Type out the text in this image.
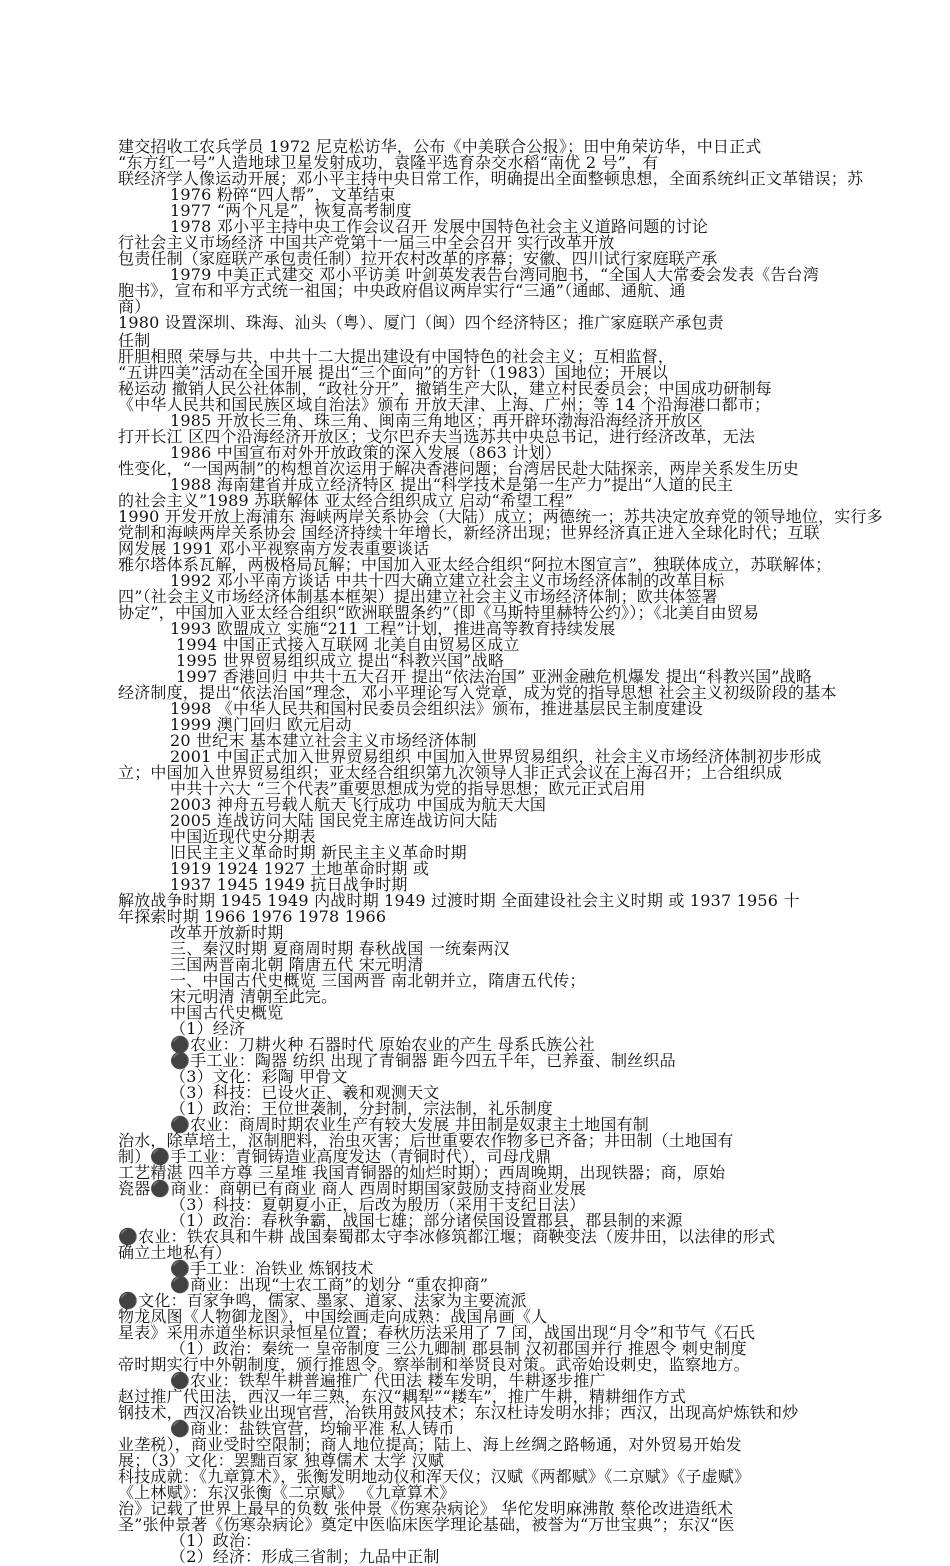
建交招收工农兵学员 1972 尼克松访华，公布《中美联合公报》；田中角荣访华，中日正式
“东方红一号”人造地球卫星发射成功，袁隆平选育杂交水稻“南优 2 号”，有
联经济学人像运动开展；邓小平主持中央日常工作，明确提出全面整顿思想，全面系统纠正文革错误；苏
1976 粉碎“四人帮”，文革结束
1977 “两个凡是”，恢复高考制度
1978 邓小平主持中央工作会议召开 发展中国特色社会主义道路问题的讨论
行社会主义市场经济 中国共产党第十一届三中全会召开 实行改革开放
包责任制（家庭联产承包责任制）拉开农村改革的序幕；安徽、四川试行家庭联产承
1979 中美正式建交 邓小平访美 叶剑英发表告台湾同胞书，“全国人大常委会发表《告台湾
胞书》，宣布和平方式统一祖国；中央政府倡议两岸实行“三通”（通邮、通航、通
商）
1980 设置深圳、珠海、汕头（粤）、厦门（闽）四个经济特区；推广家庭联产承包责
任制
肝胆相照 荣辱与共，中共十二大提出建设有中国特色的社会主义；互相监督，
“五讲四美”活动在全国开展 提出“三个面向”的方针（1983）国地位；开展以
秘运动 撤销人民公社体制，“政社分开”，撤销生产大队，建立村民委员会；中国成功研制每
《中华人民共和国民族区域自治法》颁布 开放天津、上海、广州；等 14 个沿海港口都市；
1985 开放长三角、珠三角、闽南三角地区；再开辟环渤海沿海经济开放区
打开长江 区四个沿海经济开放区；戈尔巴乔夫当选苏共中央总书记，进行经济改革，无法
1986 中国宣布对外开放政策的深入发展（863 计划）
性变化，“一国两制”的构想首次运用于解决香港问题；台湾居民赴大陆探亲，两岸关系发生历史
1988 海南建省并成立经济特区 提出“科学技术是第一生产力”提出“人道的民主
的社会主义”1989 苏联解体 亚太经合组织成立 启动“希望工程”
1990 开发开放上海浦东 海峡两岸关系协会（大陆）成立；两德统一；苏共决定放弃党的领导地位，实行多
党制和海峡两岸关系协会 国经济持续十年增长，新经济出现；世界经济真正进入全球化时代；互联
网发展 1991 邓小平视察南方发表重要谈话
雅尔塔体系瓦解，两极格局瓦解；中国加入亚太经合组织“阿拉木图宣言”，独联体成立，苏联解体；
1992 邓小平南方谈话 中共十四大确立建立社会主义市场经济体制的改革目标
四”（社会主义市场经济体制基本框架）提出建立社会主义市场经济体制；欧共体签署
协定”，中国加入亚太经合组织“欧洲联盟条约”（即《马斯特里赫特公约》）；《北美自由贸易
1993 欧盟成立 实施“211 工程”计划，推进高等教育持续发展
1994 中国正式接入互联网 北美自由贸易区成立
1995 世界贸易组织成立 提出“科教兴国”战略
1997 香港回归 中共十五大召开 提出“依法治国” 亚洲金融危机爆发 提出“科教兴国”战略
经济制度，提出“依法治国”理念，邓小平理论写入党章，成为党的指导思想 社会主义初级阶段的基本
1998 《中华人民共和国村民委员会组织法》颁布，推进基层民主制度建设
1999 澳门回归 欧元启动
20 世纪末 基本建立社会主义市场经济体制
2001 中国正式加入世界贸易组织 中国加入世界贸易组织，社会主义市场经济体制初步形成
立；中国加入世界贸易组织；亚太经合组织第九次领导人非正式会议在上海召开；上合组织成
中共十六大 “三个代表”重要思想成为党的指导思想；欧元正式启用
2003 神舟五号载人航天飞行成功 中国成为航天大国
2005 连战访问大陆 国民党主席连战访问大陆
中国近现代史分期表
旧民主主义革命时期 新民主主义革命时期
1919 1924 1927 土地革命时期 或
1937 1945 1949 抗日战争时期
解放战争时期 1945 1949 内战时期 1949 过渡时期 全面建设社会主义时期 或 1937 1956 十
年探索时期 1966 1976 1978 1966
改革开放新时期
三、秦汉时期 夏商周时期 春秋战国 一统秦两汉
三国两晋南北朝 隋唐五代 宋元明清
一、中国古代史概览 三国两晋 南北朝并立，隋唐五代传；
宋元明清 清朝至此完。
中国古代史概览
（1）经济
⚫农业：刀耕火种 石器时代 原始农业的产生 母系氏族公社
⚫手工业：陶器 纺织 出现了青铜器 距今四五千年，已养蚕、制丝织品
（3）文化：彩陶 甲骨文
（3）科技：已设火正、羲和观测天文
（1）政治：王位世袭制，分封制，宗法制，礼乐制度
⚫农业：商周时期农业生产有较大发展 井田制是奴隶主土地国有制
治水，除草培土，沤制肥料，治虫灭害；后世重要农作物多已齐备；井田制（土地国有
制）⚫手工业：青铜铸造业高度发达（青铜时代），司母戊鼎
工艺精湛 四羊方尊 三星堆 我国青铜器的灿烂时期）；西周晚期，出现铁器；商，原始
瓷器⚫商业：商朝已有商业 商人 西周时期国家鼓励支持商业发展
（3）科技：夏朝夏小正，后改为殷历（采用干支纪日法）
（1）政治：春秋争霸，战国七雄；部分诸侯国设置郡县，郡县制的来源
⚫农业：铁农具和牛耕 战国秦蜀郡太守李冰修筑都江堰；商鞅变法（废井田，以法律的形式
确立土地私有）
⚫手工业：冶铁业 炼钢技术
⚫商业：出现“士农工商”的划分 “重农抑商”
⚫文化：百家争鸣，儒家、墨家、道家、法家为主要流派
物龙凤图《人物御龙图》，中国绘画走向成熟：战国帛画《人
星表》采用赤道坐标识录恒星位置；春秋历法采用了 7 闰，战国出现“月令”和节气《石氏
（1）政治：秦统一 皇帝制度 三公九卿制 郡县制 汉初郡国并行 推恩令 刺史制度
帝时期实行中外朝制度，颁行推恩令。察举制和举贤良对策。武帝始设刺史，监察地方。
⚫农业：铁犁牛耕普遍推广 代田法 耧车发明，牛耕逐步推广
赵过推广代田法，西汉一年三熟，东汉“耦犁”“耧车”，推广牛耕，精耕细作方式
钢技术，西汉冶铁业出现官营，冶铁用鼓风技术；东汉杜诗发明水排；西汉，出现高炉炼铁和炒
⚫商业：盐铁官营，均输平准 私人铸币
业垄税），商业受时空限制；商人地位提高；陆上、海上丝绸之路畅通，对外贸易开始发
展；（3）文化：罢黜百家 独尊儒术 太学 汉赋
科技成就：《九章算术》，张衡发明地动仪和浑天仪；汉赋《两都赋》《二京赋》《子虚赋》
《上林赋》：东汉张衡《二京赋》 《九章算术》
治》记载了世界上最早的负数 张仲景《伤寒杂病论》 华佗发明麻沸散 蔡伦改进造纸术
圣”张仲景著《伤寒杂病论》奠定中医临床医学理论基础，被誉为“万世宝典”；东汉“医
（1）政治：
（2）经济：形成三省制；九品中正制
